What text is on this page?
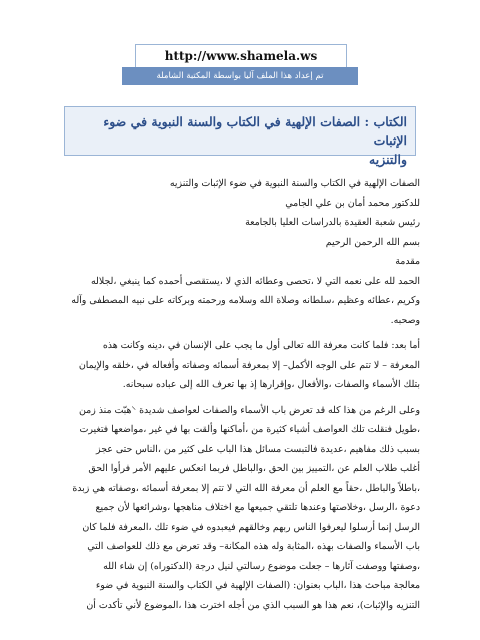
http://www.shamela.ws
تم إعداد هذا الملف آليا بواسطة المكتبة الشاملة
الكتاب : الصفات الإلهية في الكتاب والسنة النبوية في ضوء الإثبات
والتنزيه
الصفات الإلهية في الكتاب والسنة النبوية في ضوء الإثبات والتنزيه
للدكتور محمد أمان بن علي الجامي
رئيس شعبة العقيدة بالدراسات العليا بالجامعة
بسم الله الرحمن الرحيم
مقدمة
الحمد لله على نعمه التي لا ،تحصى وعطائه الذي لا ،يستقصى أحمده كما ينبغي ،لجلاله
وكريم ،عطائه وعظيم ،سلطانه وصلاة الله وسلامه ورحمته وبركاته على نبيه المصطفى وآله
وصحبه.
أما بعد: فلما كانت معرفة الله تعالى أول ما يجب على الإنسان في ،دينه وكانت هذه
المعرفة – لا تتم على الوجه الأكمل– إلا بمعرفة أسمائه وصفاته وأفعاله في ،خلقه والإيمان
بتلك الأسماء والصفات ،والأفعال ،وإقرارها إذ بها تعرف الله إلى عباده سبحانه.
وعلى الرغم من هذا كله قد تعرض باب الأسماء والصفات لعواصف شديدة ⸍هبّت منذ زمن
،طويل فنقلت تلك العواصف أشياء كثيرة من ،أماكنها وألقت بها في غير ،مواضعها فتغيرت
بسبب ذلك مفاهيم ،عديدة فالتبست مسائل هذا الباب على كثير من ،الناس حتى عجز
أغلب طلاب العلم عن ،التمييز بين الحق ،والباطل فربما انعكس عليهم الأمر فرأوا الحق
،باطلاً والباطل ،حقاً مع العلم أن معرفة الله التي لا تتم إلا بمعرفة أسمائه ،وصفاته هي زبدة
دعوة ،الرسل ،وخلاصتها وعندها تلتقي جميعها مع اختلاف مناهجها ،وشرائعها لأن جميع
الرسل إنما أرسلوا ليعرفوا الناس ربهم وخالقهم فيعبدوه في ضوء تلك ،المعرفة فلما كان
باب الأسماء والصفات بهذه ،المثابة وله هذه المكانة– وقد تعرض مع ذلك للعواصف التي
،وصفتها ووصفت آثارها – جعلت موضوع رسالتي لنيل درجة (الدكتوراه) إن شاء الله
معالجة مباحث هذا ،الباب بعنوان: (الصفات الإلهية في الكتاب والسنة النبوية في ضوء
التنزيه والإثبات)، نعم هذا هو السبب الذي من أجله اخترت هذا ،الموضوع لأني تأكدت أن
